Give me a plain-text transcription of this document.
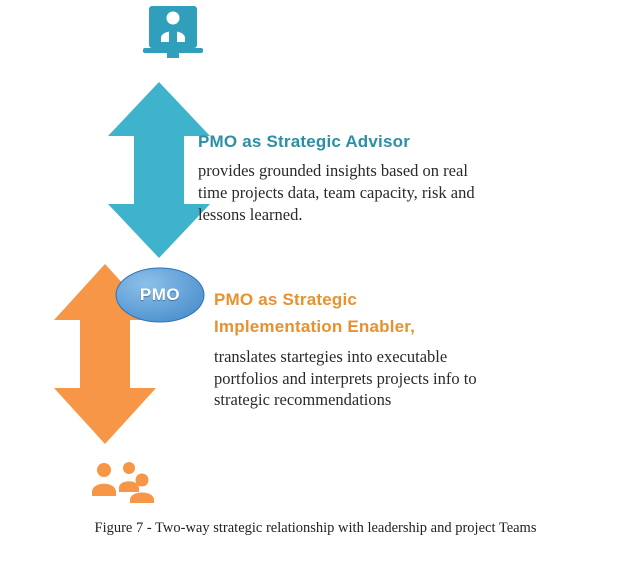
PMO

PMO as Strategic Advisor

provides grounded insights based on real time projects data, team capacity, risk and lessons learned.

PMO as Strategic

Implementation Enabler,

translates startegies into executable portfolios and interprets projects info to strategic recommendations

Figure 7 - Two-way strategic relationship with leadership and project Teams
